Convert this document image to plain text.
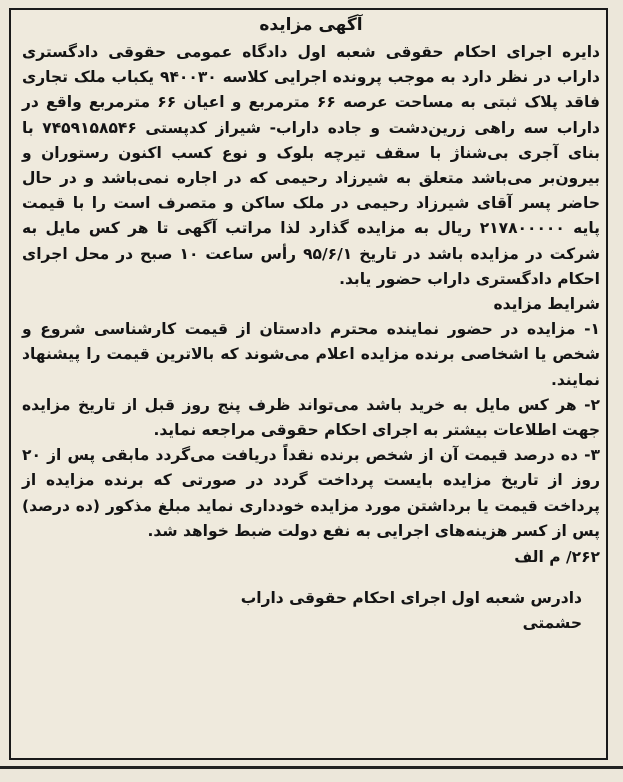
آگهی مزایده

دایره اجرای احکام حقوقی شعبه اول دادگاه عمومی حقوقی دادگستری داراب در نظر دارد به موجب پرونده اجرایی کلاسه ۹۴۰۰۳۰ یکباب ملک تجاری فاقد پلاک ثبتی به مساحت عرصه ۶۶ مترمربع و اعیان ۶۶ مترمربع واقع در داراب سه راهی زرین‌دشت و جاده داراب- شیراز کدپستی ۷۴۵۹۱۵۸۵۴۶ با بنای آجری بی‌شناژ با سقف تیرچه بلوک و نوع کسب اکنون رستوران و بیرون‌بر می‌باشد متعلق به شیرزاد رحیمی که در اجاره نمی‌باشد و در حال حاضر پسر آقای شیرزاد رحیمی در ملک ساکن و متصرف است را با قیمت پایه ۲۱۷۸۰۰۰۰۰ ریال به مزایده گذارد لذا مراتب آگهی تا هر کس مایل به شرکت در مزایده باشد در تاریخ ۹۵/۶/۱ رأس ساعت ۱۰ صبح در محل اجرای احکام دادگستری داراب حضور یابد.

شرایط مزایده

۱- مزایده در حضور نماینده محترم دادستان از قیمت کارشناسی شروع و شخص یا اشخاصی برنده مزایده اعلام می‌شوند که بالاترین قیمت را پیشنهاد نمایند.

۲- هر کس مایل به خرید باشد می‌تواند ظرف پنج روز قبل از تاریخ مزایده جهت اطلاعات بیشتر به اجرای احکام حقوقی مراجعه نماید.

۳- ده درصد قیمت آن از شخص برنده نقداً دریافت می‌گردد مابقی پس از ۲۰ روز از تاریخ مزایده بایست پرداخت گردد در صورتی که برنده مزایده از پرداخت قیمت یا برداشتن مورد مزایده خودداری نماید مبلغ مذکور (ده درصد) پس از کسر هزینه‌های اجرایی به نفع دولت ضبط خواهد شد.

۲۶۲/ م الف

دادرس شعبه اول اجرای احکام حقوقی داراب

حشمتی
